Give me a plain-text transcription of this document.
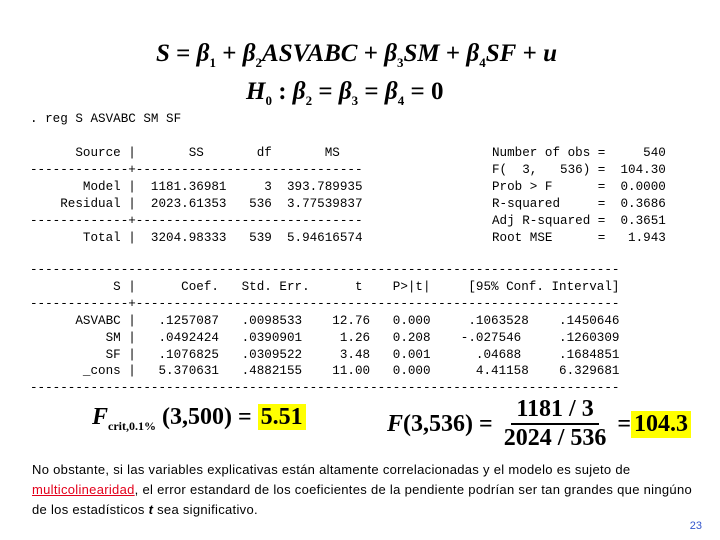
$S = \beta_1$ + $\beta_2ASVABC + \beta_3SM + \beta_4SF + u$
$H_0$ : $\beta_2 = \beta_3 = \beta_4 = 0$
. reg S ASVABC SM SF
Source |       SS       df       MS
-------------+------------------------------
Model |  1181.36981     3  393.789935
Residual |  2023.61353   536  3.77539837
-------------+------------------------------
Total |  3204.98333   539  5.94616574
Number of obs =     540
F(  3,   536) =  104.30
Prob > F      =  0.0000
R-squared     =  0.3686
Adj R-squared =  0.3651
Root MSE      =   1.943
------------------------------------------------------------------------------
S |      Coef.   Std. Err.      t    P>|t|     [95% Conf. Interval]
-------------+----------------------------------------------------------------
ASVABC |   .1257087   .0098533    12.76   0.000     .1063528    .1450646
SM |   .0492424   .0390901     1.26   0.208    -.027546     .1260309
SF |   .1076825   .0309522     3.48   0.001      .04688     .1684851
_cons |   5.370631   .4882155    11.00   0.000      4.41158    6.329681
------------------------------------------------------------------------------
$F_{crit,0.1\%}$ (3,500) = 5.51	F $(3,536) = \frac{1181 / 3}{2024 / 536} = 104.3$

No obstante, si las variables explicativas están altamente correlacionadas y el modelo es sujeto de multicolinearidad, el error estandard de los coeficientes de la pendiente podrían ser tan grandes que ningúno de los estadísticos t sea significativo.

23
